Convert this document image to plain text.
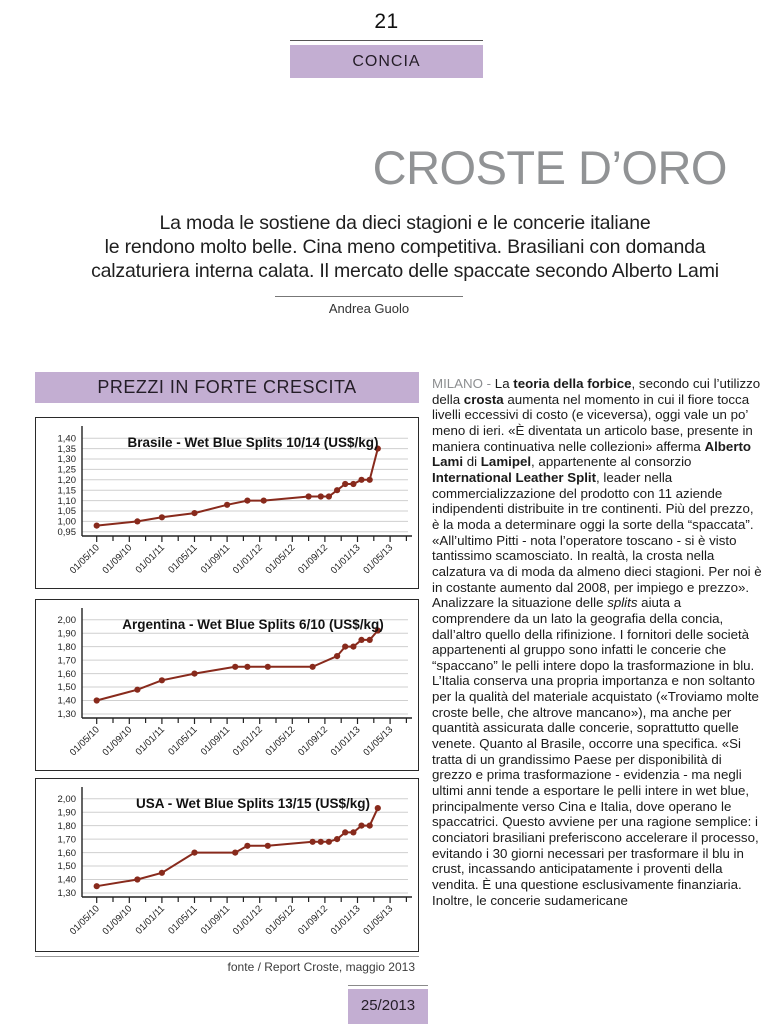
21
CONCIA
CROSTE D’ORO
La moda le sostiene da dieci stagioni e le concerie italiane
le rendono molto belle. Cina meno competitiva. Brasiliani con domanda
calzaturiera interna calata. Il mercato delle spaccate secondo Alberto Lami
Andrea Guolo
PREZZI IN FORTE CRESCITA
0,95
1,00
1,05
1,10
1,15
1,20
1,25
1,30
1,35
1,40
01/05/10
01/09/10 01/01/11 01/05/11 01/09/11
01/01/12
01/05/12
01/09/12
01/01/13
01/05/13
Brasile - Wet Blue Splits 10/14 (US$/kg)
1,30
1,40
1,50
1,60
1,70
1,80
1,90
2,00
01/05/10
01/09/10 01/01/11 01/05/11 01/09/11
01/01/12
01/05/12
01/09/12
01/01/13
01/05/13
Argentina - Wet Blue Splits 6/10 (US$/kg)
1,30
1,40
1,50
1,60
1,70
1,80
1,90
2,00
01/05/10
01/09/10 01/01/11 01/05/11 01/09/11
01/01/12
01/05/12
01/09/12
01/01/13
01/05/13
USA - Wet Blue Splits 13/15 (US$/kg)
fonte / Report Croste, maggio 2013

MILANO - La teoria della forbice, secondo cui l’utilizzo della crosta aumenta nel momento in cui il fiore tocca livelli eccessivi di costo (e viceversa), oggi vale un po’ meno di ieri. «È diventata un articolo base, presente in maniera continuativa nelle collezioni» afferma Alberto Lami di Lamipel, appartenente al consorzio International Leather Split, leader nella commercializzazione del prodotto con 11 aziende indipendenti distribuite in tre continenti. Più del prezzo, è la moda a determinare oggi la sorte della “spaccata”. «All’ultimo Pitti - nota l’operatore toscano - si è visto tantissimo scamosciato. In realtà, la crosta nella calzatura va di moda da almeno dieci stagioni. Per noi è in costante aumento dal 2008, per impiego e prezzo».

Analizzare la situazione delle splits aiuta a comprendere da un lato la geografia della concia, dall’altro quello della rifinizione. I fornitori delle società appartenenti al gruppo sono infatti le concerie che “spaccano” le pelli intere dopo la trasformazione in blu. L’Italia conserva una propria importanza e non soltanto per la qualità del materiale acquistato («Troviamo molte croste belle, che altrove mancano»), ma anche per quantità assicurata dalle concerie, soprattutto quelle venete. Quanto al Brasile, occorre una specifica. «Si tratta di un grandissimo Paese per disponibilità di grezzo e prima trasformazione - evidenzia - ma negli ultimi anni tende a esportare le pelli intere in wet blue, principalmente verso Cina e Italia, dove operano le spaccatrici. Questo avviene per una ragione semplice: i conciatori brasiliani preferiscono accelerare il processo, evitando i 30 giorni necessari per trasformare il blu in crust, incassando anticipatamente i proventi della vendita. È una questione esclusivamente finanziaria. Inoltre, le concerie sudamericane

25/2013
